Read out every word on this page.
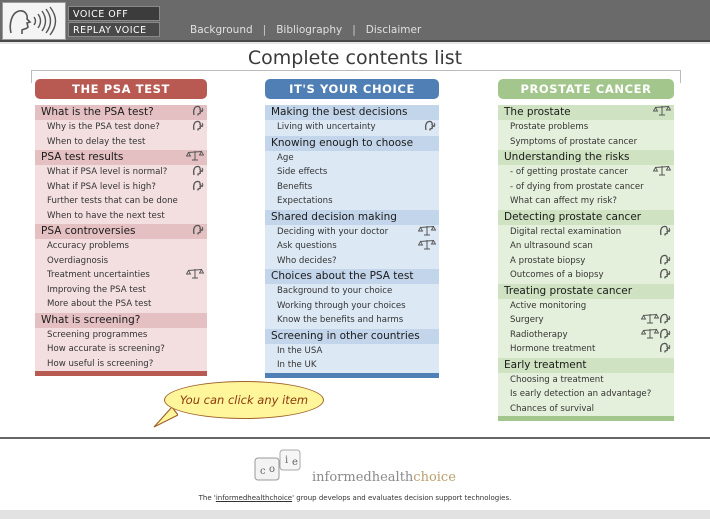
VOICE OFF
REPLAY VOICE	Background | Bibliography | Disclaimer
Complete contents list
THE PSA TEST
What is the PSA test?
Why is the PSA test done?
When to delay the test
PSA test results
What if PSA level is normal?
What if PSA level is high?
Further tests that can be done
When to have the next test
PSA controversies
Accuracy problems
Overdiagnosis
Treatment uncertainties
Improving the PSA test
More about the PSA test
What is screening?
Screening programmes
How accurate is screening?
How useful is screening?
IT'S YOUR CHOICE
Making the best decisions
Living with uncertainty
Knowing enough to choose
Age
Side effects
Benefits
Expectations
Shared decision making
Deciding with your doctor
Ask questions
Who decides?
Choices about the PSA test
Background to your choice
Working through your choices
Know the benefits and harms
Screening in other countries
In the USA
In the UK
PROSTATE CANCER
The prostate
Prostate problems
Symptoms of prostate cancer
Understanding the risks
- of getting prostate cancer
- of dying from prostate cancer
What can affect my risk?
Detecting prostate cancer
Digital rectal examination
An ultrasound scan
A prostate biopsy
Outcomes of a biopsy
Treating prostate cancer
Active monitoring
Surgery
Radiotherapy
Hormone treatment
Early treatment
Choosing a treatment
Is early detection an advantage?
Chances of survival
You can click any item
c o
i e
informedhealthchoice
The 'informedhealthchoice' group develops and evaluates decision support technologies.
